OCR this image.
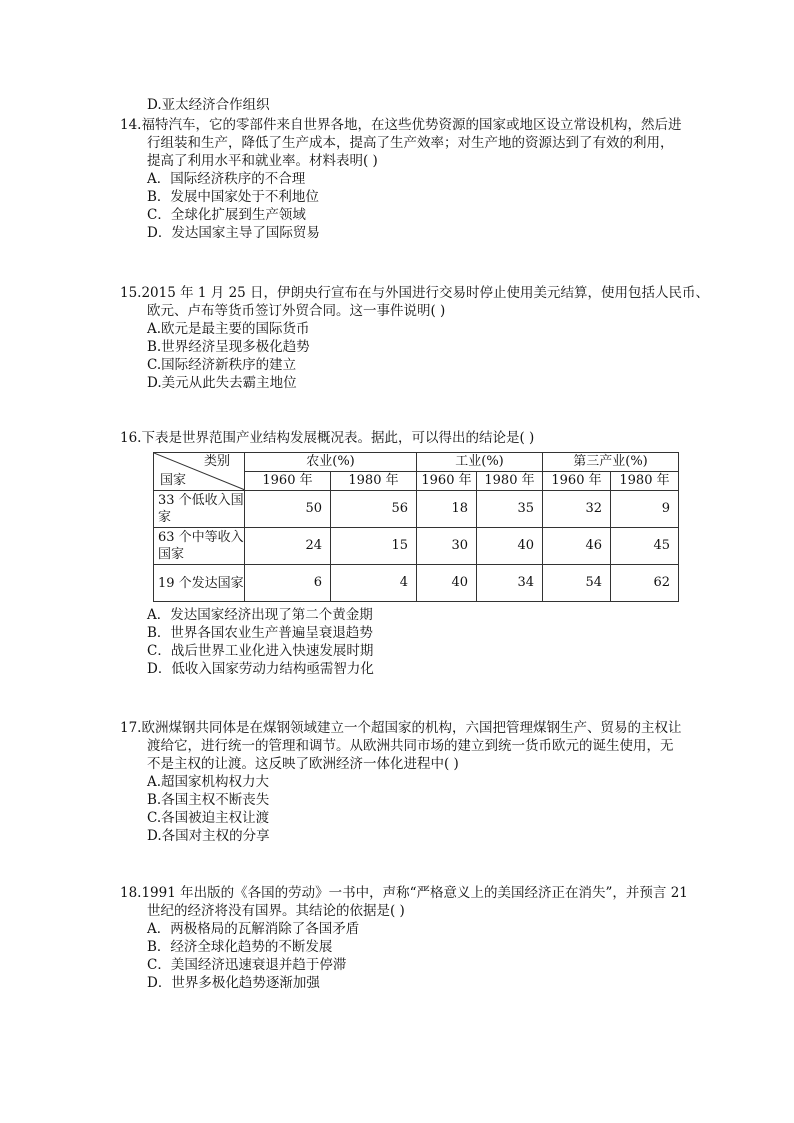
D.亚太经济合作组织
14.福特汽车，它的零部件来自世界各地，在这些优势资源的国家或地区设立常设机构，然后进
行组装和生产，降低了生产成本，提高了生产效率；对生产地的资源达到了有效的利用，
提高了利用水平和就业率。材料表明( )
A．国际经济秩序的不合理
B．发展中国家处于不利地位
C．全球化扩展到生产领域
D．发达国家主导了国际贸易
15.2015 年 1 月 25 日，伊朗央行宣布在与外国进行交易时停止使用美元结算，使用包括人民币、
欧元、卢布等货币签订外贸合同。这一事件说明( )
A.欧元是最主要的国际货币
B.世界经济呈现多极化趋势
C.国际经济新秩序的建立
D.美元从此失去霸主地位
16.下表是世界范围产业结构发展概况表。据此，可以得出的结论是( )
类别
国家	农业(%)		工业(%)		第三产业(%)	
	1960 年	1980 年	1960 年	1980 年	1960 年	1980 年
33 个低收入国家	50	56	18	35	32	9
63 个中等收入国家	24	15	30	40	46	45
19 个发达国家	6	4	40	34	54	62
A．发达国家经济出现了第二个黄金期
B．世界各国农业生产普遍呈衰退趋势
C．战后世界工业化进入快速发展时期
D．低收入国家劳动力结构亟需智力化
17.欧洲煤钢共同体是在煤钢领域建立一个超国家的机构，六国把管理煤钢生产、贸易的主权让
渡给它，进行统一的管理和调节。从欧洲共同市场的建立到统一货币欧元的诞生使用，无
不是主权的让渡。这反映了欧洲经济一体化进程中( )
A.超国家机构权力大
B.各国主权不断丧失
C.各国被迫主权让渡
D.各国对主权的分享
18.1991 年出版的《各国的劳动》一书中，声称“严格意义上的美国经济正在消失”，并预言 21
世纪的经济将没有国界。其结论的依据是( )
A．两极格局的瓦解消除了各国矛盾
B．经济全球化趋势的不断发展
C．美国经济迅速衰退并趋于停滞
D．世界多极化趋势逐渐加强
